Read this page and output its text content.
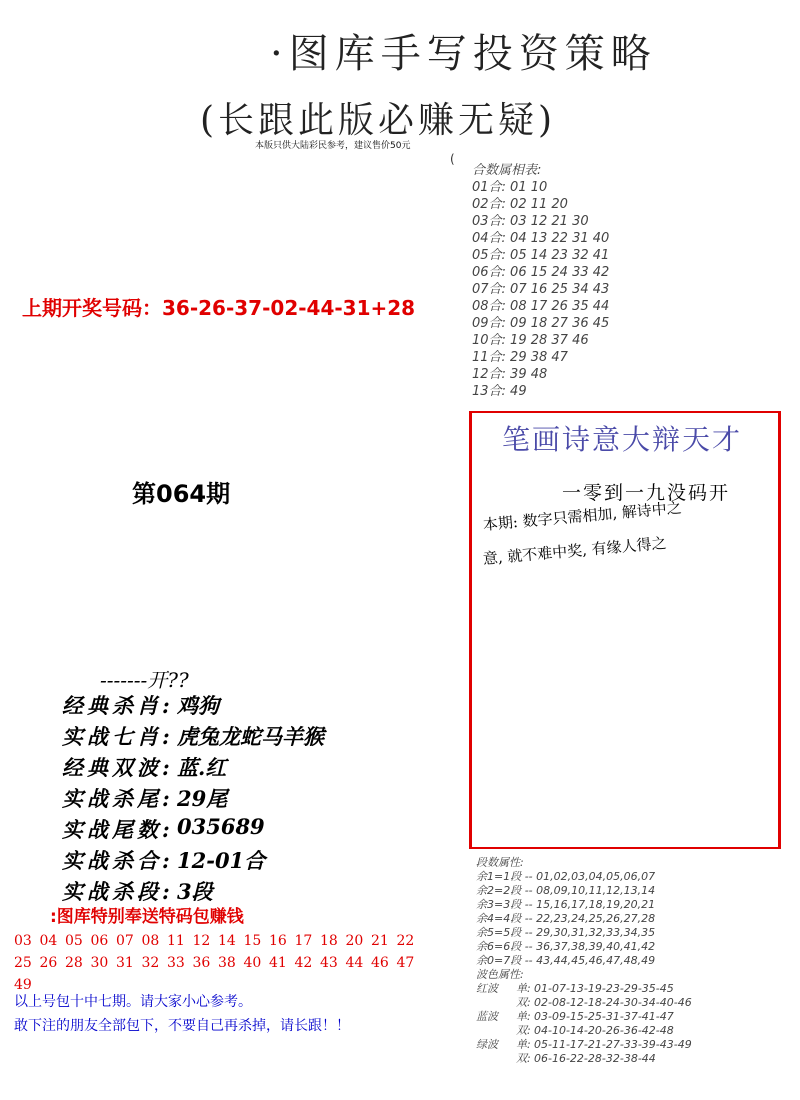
·图库手写投资策略
(长跟此版必赚无疑)
本版只供大陆彩民参考，建议售价50元
(
合数属相表:
01合: 01 10
02合: 02 11 20
03合: 03 12 21 30
04合: 04 13 22 31 40
05合: 05 14 23 32 41
06合: 06 15 24 33 42
07合: 07 16 25 34 43
08合: 08 17 26 35 44
09合: 09 18 27 36 45
10合: 19 28 37 46
11合: 29 38 47
12合: 39 48
13合: 49
上期开奖号码：36-26-37-02-44-31+28
第064期
笔画诗意大辩天才
一零到一九没码开
本期: 数字只需相加, 解诗中之
意, 就不难中奖, 有缘人得之
-------开??
经典杀肖: 鸡狗
实战七肖: 虎兔龙蛇马羊猴
经典双波: 蓝.红
实战杀尾: 29尾
实战尾数: 035689
实战杀合: 12-01合
实战杀段: 3段
:图库特别奉送特码包赚钱
03 04 05 06 07 08 11 12 14 15 16 17 18 20 21 2225 26 28 30 31 32 33 36 38 40 41 42 43 44 46 4749
以上号包十中七期。请大家小心参考。
敢下注的朋友全部包下，不要自己再杀掉，请长跟！！
段数属性:
余1=1段 -- 01,02,03,04,05,06,07
余2=2段 -- 08,09,10,11,12,13,14
余3=3段 -- 15,16,17,18,19,20,21
余4=4段 -- 22,23,24,25,26,27,28
余5=5段 -- 29,30,31,32,33,34,35
余6=6段 -- 36,37,38,39,40,41,42
余0=7段 -- 43,44,45,46,47,48,49
波色属性:
红波	单: 01-07-13-19-23-29-35-45
双: 02-08-12-18-24-30-34-40-46
蓝波	单: 03-09-15-25-31-37-41-47
双: 04-10-14-20-26-36-42-48
绿波	单: 05-11-17-21-27-33-39-43-49
双: 06-16-22-28-32-38-44
